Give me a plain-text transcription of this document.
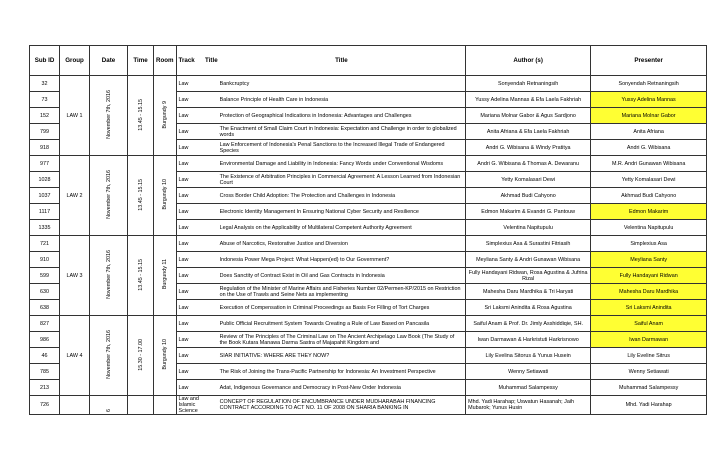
Sub ID	Group	Date	Time	Room	Track	Title	Title	Author (s)	Presenter
32	LAW 1	November 7th, 2016	13.45 - 15.15	Burgundy 9	Law		Bankcruptcy	Sonyendah Retnaningsih	Sonyendah Retnaningsih
73					Law		Balance Principle of Health Care in Indonesia	Yussy Adelina Mannas & Efa Laela Fakhriah	Yussy Adelina Mannas
152					Law		Protection of Geographical Indications in Indonesia: Advantages and Challenges	Mariana Molnar Gabor & Agus Sardjono	Mariana Molnar Gabor
799					Law		The Enactment of Small Claim Court in Indonesia: Expectation and Challenge in order to globalized words	Anita Afriana & Efa Laela Fakhriah	Anita Afriana
918					Law		Law Enforcement of Indonesia's Penal Sanctions to the Increased Illegal Trade of Endangered Species	Andri G. Wibisana & Windy Pratitya	Andri G. Wibisana
977	LAW 2	November 7th, 2016	13.45 - 15.15	Burgundy 10	Law		Environmental Damage and Liability in Indonesia: Fancy Words under Conventional Wisdoms	Andri G. Wibisana & Thomas A. Dewaranu	M.R. Andri Gunawan Wibisana
1028					Law		The Existence of Arbitration Principles in Commercial Agreement: A Lesson Learned from Indonesian Court	Yetty Komalasari Dewi	Yetty Komalasari Dewi
1037					Law		Cross Border Child Adoption: The Protection and Challenges in Indonesia	Akhmad Budi Cahyono	Akhmad Budi Cahyono
1117					Law		Electronic Identity Management In Ensuring National Cyber Security and Resilience	Edmon Makarim & Evandri G. Pantouw	Edmon Makarim
1335					Law		Legal Analysis on the Applicability of Multilateral Competent Authority Agreement	Velentina Napitupulu	Velentina Napitupulu
721	LAW 3	November 7th, 2016	13.45 - 15.15	Burgundy 11	Law		Abuse of Narcotics, Restorative Justice and Diversion	Simplexius Asa & Surastini Fitriasih	Simplexius Asa
910					Law		Indonesia Power Mega Project: What Happen(ed) to Our Government?	Meyliana Santy & Andri Gunawan Wibisana	Meyliana Santy
599					Law		Does Sanctity of Contract Exist in Oil and Gas Contracts in Indonesia	Fully Handayani Ridwan, Rosa Agustina & Jufrina Rizal	Fully Handayani Ridwan
630					Law		Regulation of the Minister of Marine Affairs and Fisheries Number 02/Permen-KP/2015 on Restriction on the Use of Trawls and Seine Nets as implementing	Mahesha Daru Mardhika & Tri Haryati	Mahesha Daru Mardhika
638					Law		Execution of Compensation in Criminal Proceedings as Basis For Filling of Tort Charges	Sri Laksmi Anindita & Rosa Agustina	Sri Laksmi Anindita
827	LAW 4	November 7th, 2016	15.30 - 17.00	Burgundy 10	Law		Public Official Recruitment System Towards Creating a Rule of Law Based on Pancasila	Saiful Anam & Prof. Dr. Jimly Asshiddiqie, SH.	Saiful Anam
986					Law		Review of The Principles of The Criminal Law on The Ancient Archipelago Law Book (The Study of the Book Kutara Manawa Darma Sastra of Majapahit Kingdom and	Iwan Darmawan & Harkristuti Harkrisnowo	Iwan Darmawan
46					Law		SIAR INITIATIVE: WHERE ARE THEY NOW?	Lily Evelina Sitorus & Yunus Husein	Lily Eveline Sitrus
785					Law		The Risk of Joining the Trans-Pacific Partnership for Indonesia: An Investment Perspective	Wenny Setiawati	Wenny Setiawati
213					Law		Adat, Indigenous Governance and Democracy in Post-New Order Indonesia	Muhammad Salampessy	Muhammad Salampessy
726		6			Law and Islamic Science		CONCEPT OF REGULATION OF ENCUMBRANCE UNDER MUDHARABAH FINANCING CONTRACT ACCORDING TO ACT NO. 11 OF 2008 ON SHARIA BANKING IN	Mhd. Yadi Harahap; Uswatun Hasanah; Jaih Mubarok; Yunus Husin	Mhd. Yadi Harahap
